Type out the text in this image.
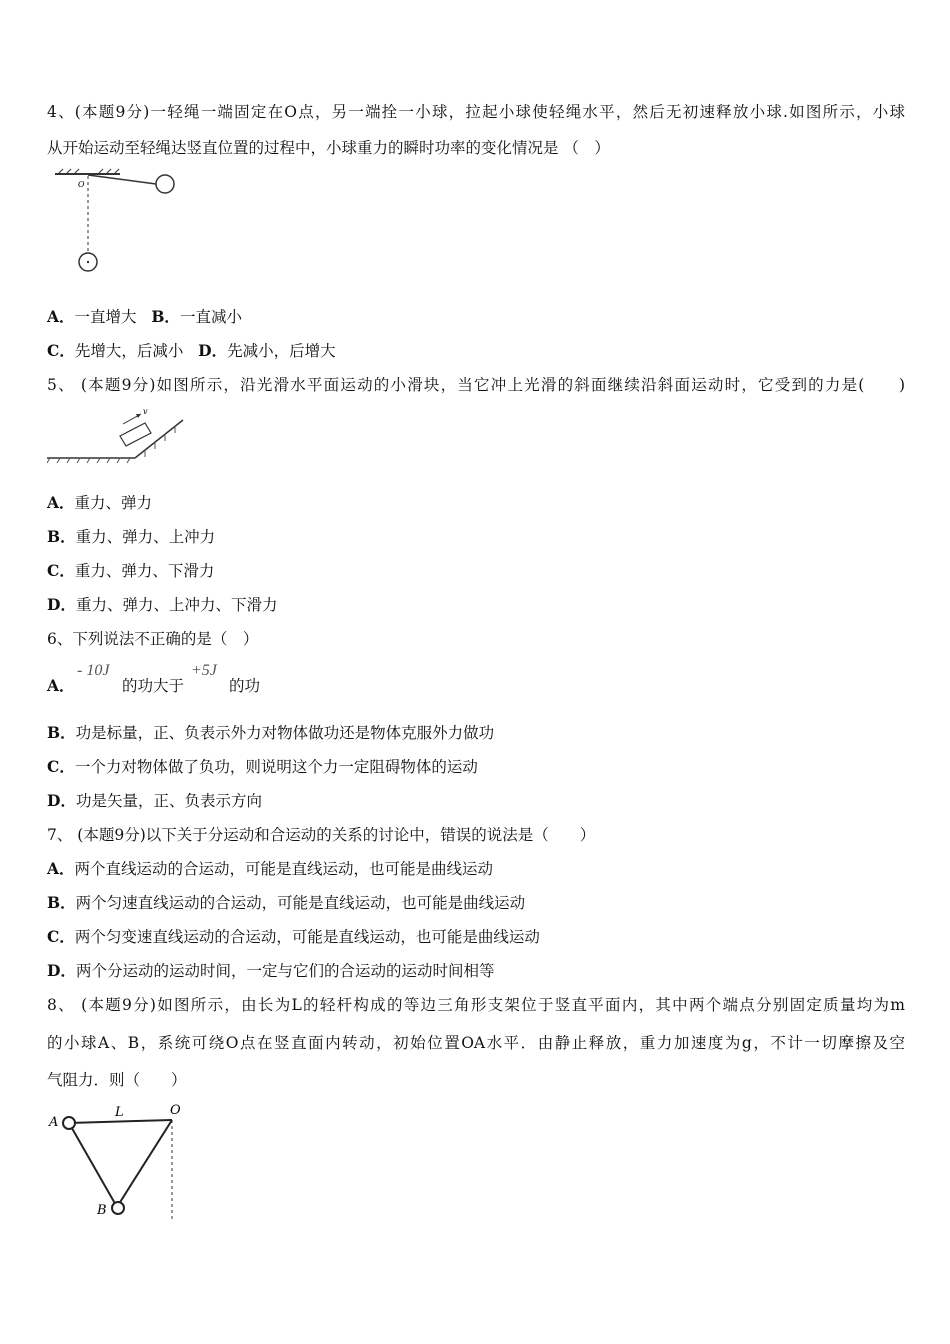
4、(本题9分)一轻绳一端固定在O点，另一端拴一小球，拉起小球使轻绳水平，然后无初速释放小球.如图所示，小球
从开始运动至轻绳达竖直位置的过程中，小球重力的瞬时功率的变化情况是 （　）
O
A．一直增大 B．一直减小
C．先增大，后减小 D．先减小，后增大
5、 (本题9分)如图所示，沿光滑水平面运动的小滑块，当它冲上光滑的斜面继续沿斜面运动时，它受到的力是(　　)
v
A．重力、弹力
B．重力、弹力、上冲力
C．重力、弹力、下滑力
D．重力、弹力、上冲力、下滑力
6、下列说法不正确的是（　）
A．
- 10J
的功大于
+5J
的功
B．功是标量，正、负表示外力对物体做功还是物体克服外力做功
C．一个力对物体做了负功，则说明这个力一定阻碍物体的运动
D．功是矢量，正、负表示方向
7、 (本题9分)以下关于分运动和合运动的关系的讨论中，错误的说法是（　　）
A．两个直线运动的合运动，可能是直线运动，也可能是曲线运动
B．两个匀速直线运动的合运动，可能是直线运动，也可能是曲线运动
C．两个匀变速直线运动的合运动，可能是直线运动，也可能是曲线运动
D．两个分运动的运动时间，一定与它们的合运动的运动时间相等
8、 (本题9分)如图所示，由长为L的轻杆构成的等边三角形支架位于竖直平面内，其中两个端点分别固定质量均为m
的小球A、B，系统可绕O点在竖直面内转动，初始位置OA水平．由静止释放，重力加速度为g，不计一切摩擦及空
气阻力．则（　　）
A
L	O
B
